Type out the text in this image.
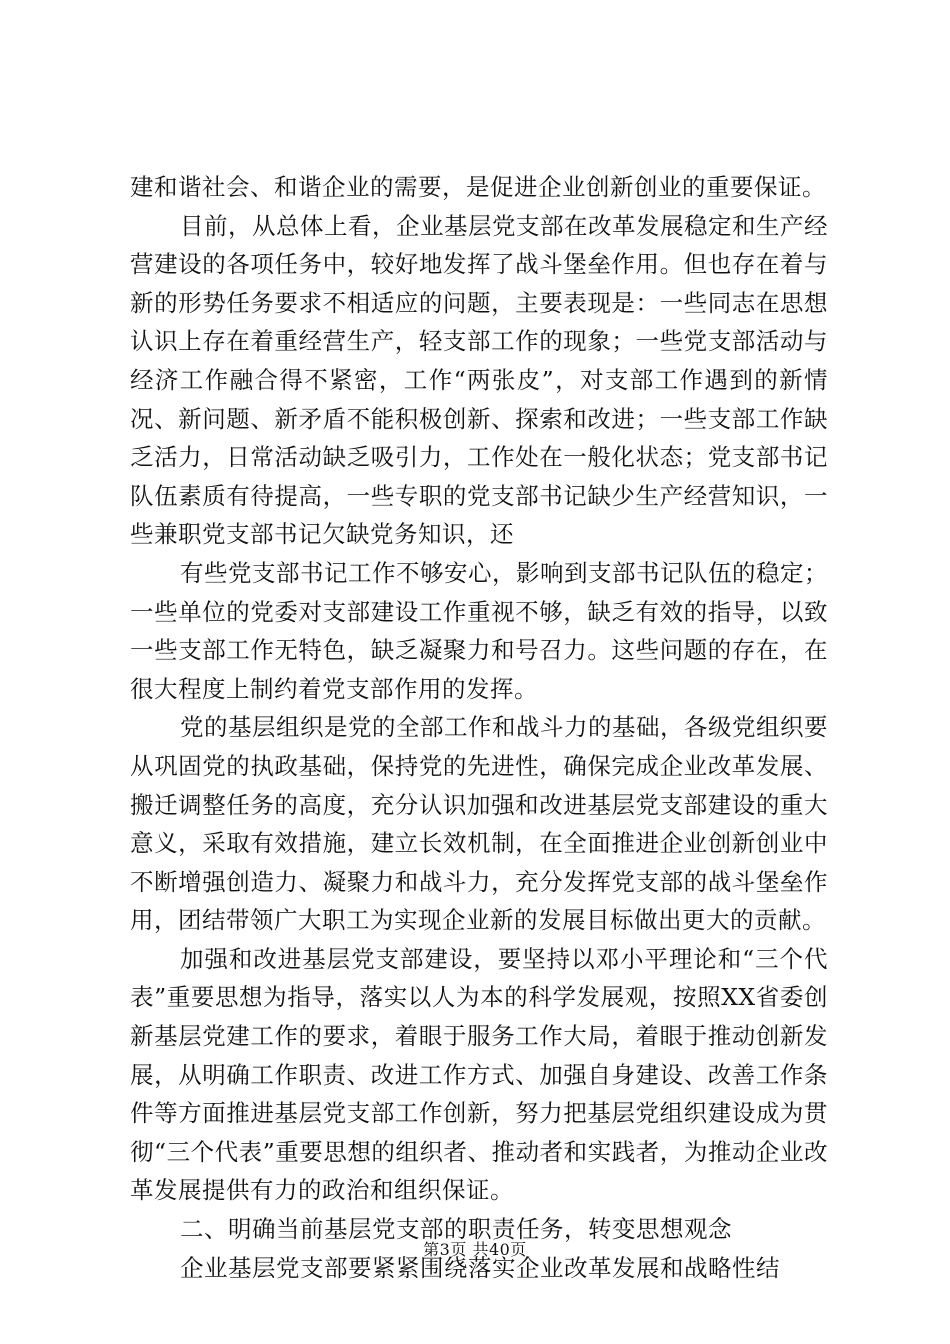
建和谐社会、和谐企业的需要，是促进企业创新创业的重要保证。

目前，从总体上看，企业基层党支部在改革发展稳定和生产经营建设的各项任务中，较好地发挥了战斗堡垒作用。但也存在着与新的形势任务要求不相适应的问题，主要表现是：一些同志在思想认识上存在着重经营生产，轻支部工作的现象；一些党支部活动与经济工作融合得不紧密，工作“两张皮”，对支部工作遇到的新情况、新问题、新矛盾不能积极创新、探索和改进；一些支部工作缺乏活力，日常活动缺乏吸引力，工作处在一般化状态；党支部书记队伍素质有待提高，一些专职的党支部书记缺少生产经营知识，一些兼职党支部书记欠缺党务知识，还

有些党支部书记工作不够安心，影响到支部书记队伍的稳定；一些单位的党委对支部建设工作重视不够，缺乏有效的指导，以致一些支部工作无特色，缺乏凝聚力和号召力。这些问题的存在，在很大程度上制约着党支部作用的发挥。

党的基层组织是党的全部工作和战斗力的基础，各级党组织要从巩固党的执政基础，保持党的先进性，确保完成企业改革发展、搬迁调整任务的高度，充分认识加强和改进基层党支部建设的重大意义，采取有效措施，建立长效机制，在全面推进企业创新创业中不断增强创造力、凝聚力和战斗力，充分发挥党支部的战斗堡垒作用，团结带领广大职工为实现企业新的发展目标做出更大的贡献。

加强和改进基层党支部建设，要坚持以邓小平理论和“三个代表”重要思想为指导，落实以人为本的科学发展观，按照XX省委创新基层党建工作的要求，着眼于服务工作大局，着眼于推动创新发展，从明确工作职责、改进工作方式、加强自身建设、改善工作条件等方面推进基层党支部工作创新，努力把基层党组织建设成为贯彻“三个代表”重要思想的组织者、推动者和实践者，为推动企业改革发展提供有力的政治和组织保证。

二、明确当前基层党支部的职责任务，转变思想观念

企业基层党支部要紧紧围绕落实企业改革发展和战略性结

第3页 共40页
